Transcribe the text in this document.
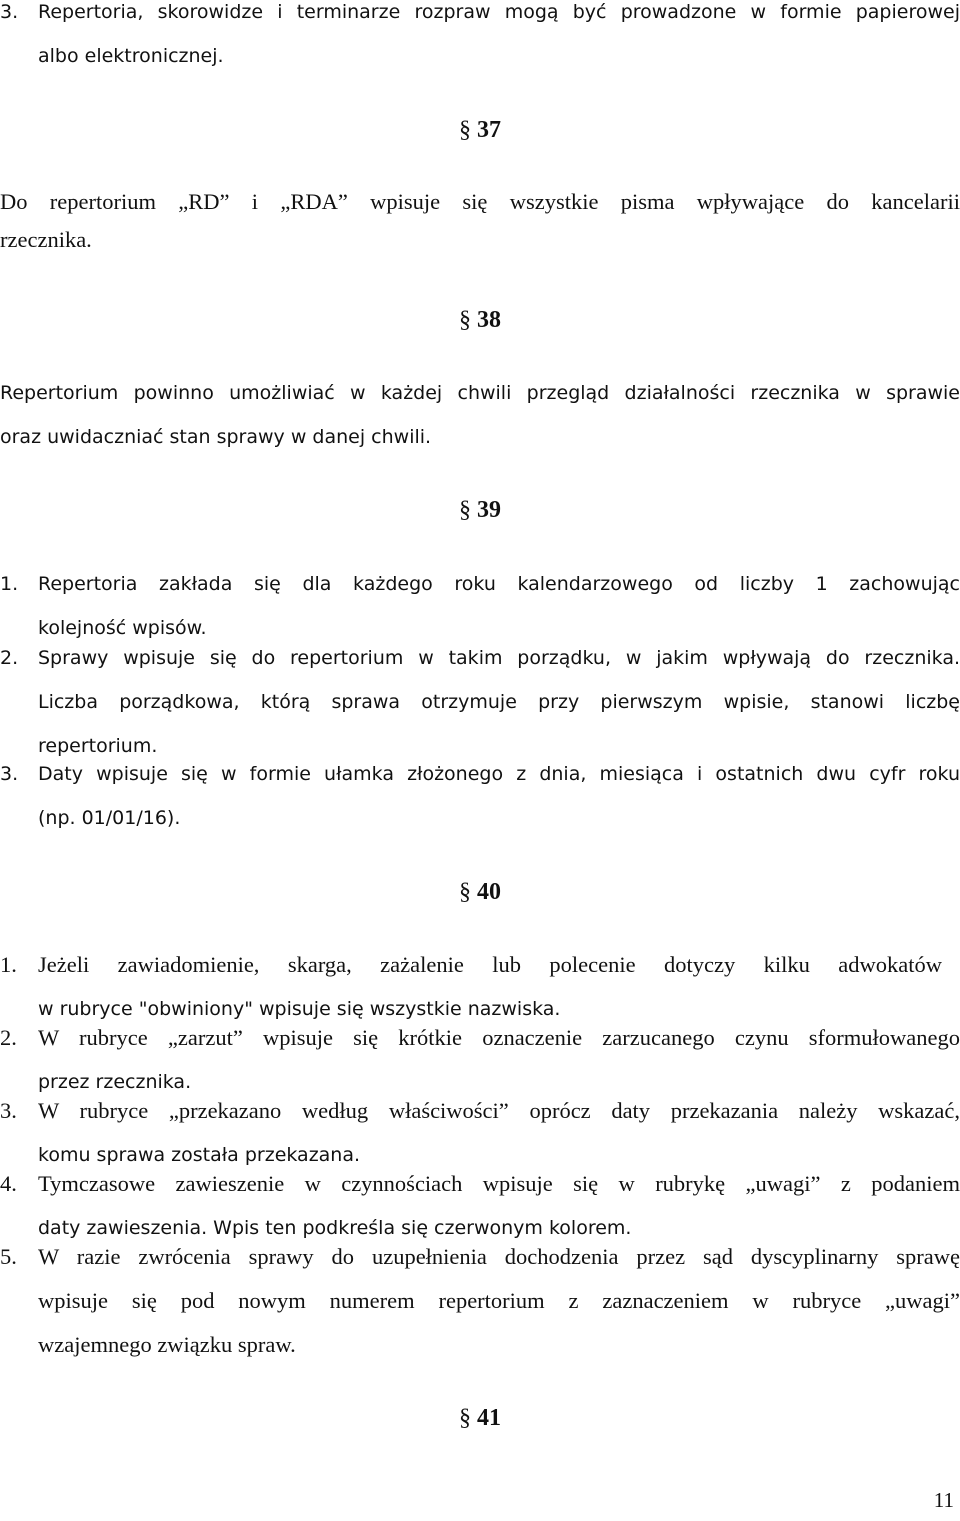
3.	Repertoria, skorowidze i terminarze rozpraw mogą być prowadzone w formie papierowej
albo elektronicznej.
§ 37
Do repertorium „RD” i „RDA” wpisuje się wszystkie pisma wpływające do kancelarii
rzecznika.
§ 38
Repertorium powinno umożliwiać w każdej chwili przegląd działalności rzecznika w sprawie
oraz uwidaczniać stan sprawy w danej chwili.
§ 39
1.	Repertoria zakłada się dla każdego roku kalendarzowego od liczby 1 zachowując
kolejność wpisów.
2.	Sprawy wpisuje się do repertorium w takim porządku, w jakim wpływają do rzecznika.
Liczba porządkowa, którą sprawa otrzymuje przy pierwszym wpisie, stanowi liczbę
repertorium.
3.	Daty wpisuje się w formie ułamka złożonego z dnia, miesiąca i ostatnich dwu cyfr roku
(np. 01/01/16).
§ 40
1. Jeżeli zawiadomienie, skarga, zażalenie lub polecenie dotyczy kilku adwokatów
w rubryce "obwiniony" wpisuje się wszystkie nazwiska.
2. W rubryce „zarzut” wpisuje się krótkie oznaczenie zarzucanego czynu sformułowanego
przez rzecznika.
3. W rubryce „przekazano według właściwości” oprócz daty przekazania należy wskazać,
komu sprawa została przekazana.
4. Tymczasowe zawieszenie w czynnościach wpisuje się w rubrykę „uwagi” z podaniem
daty zawieszenia. Wpis ten podkreśla się czerwonym kolorem.
5. W razie zwrócenia sprawy do uzupełnienia dochodzenia przez sąd dyscyplinarny sprawę
wpisuje się pod nowym numerem repertorium z zaznaczeniem w rubryce „uwagi”
wzajemnego związku spraw.
§ 41
11
